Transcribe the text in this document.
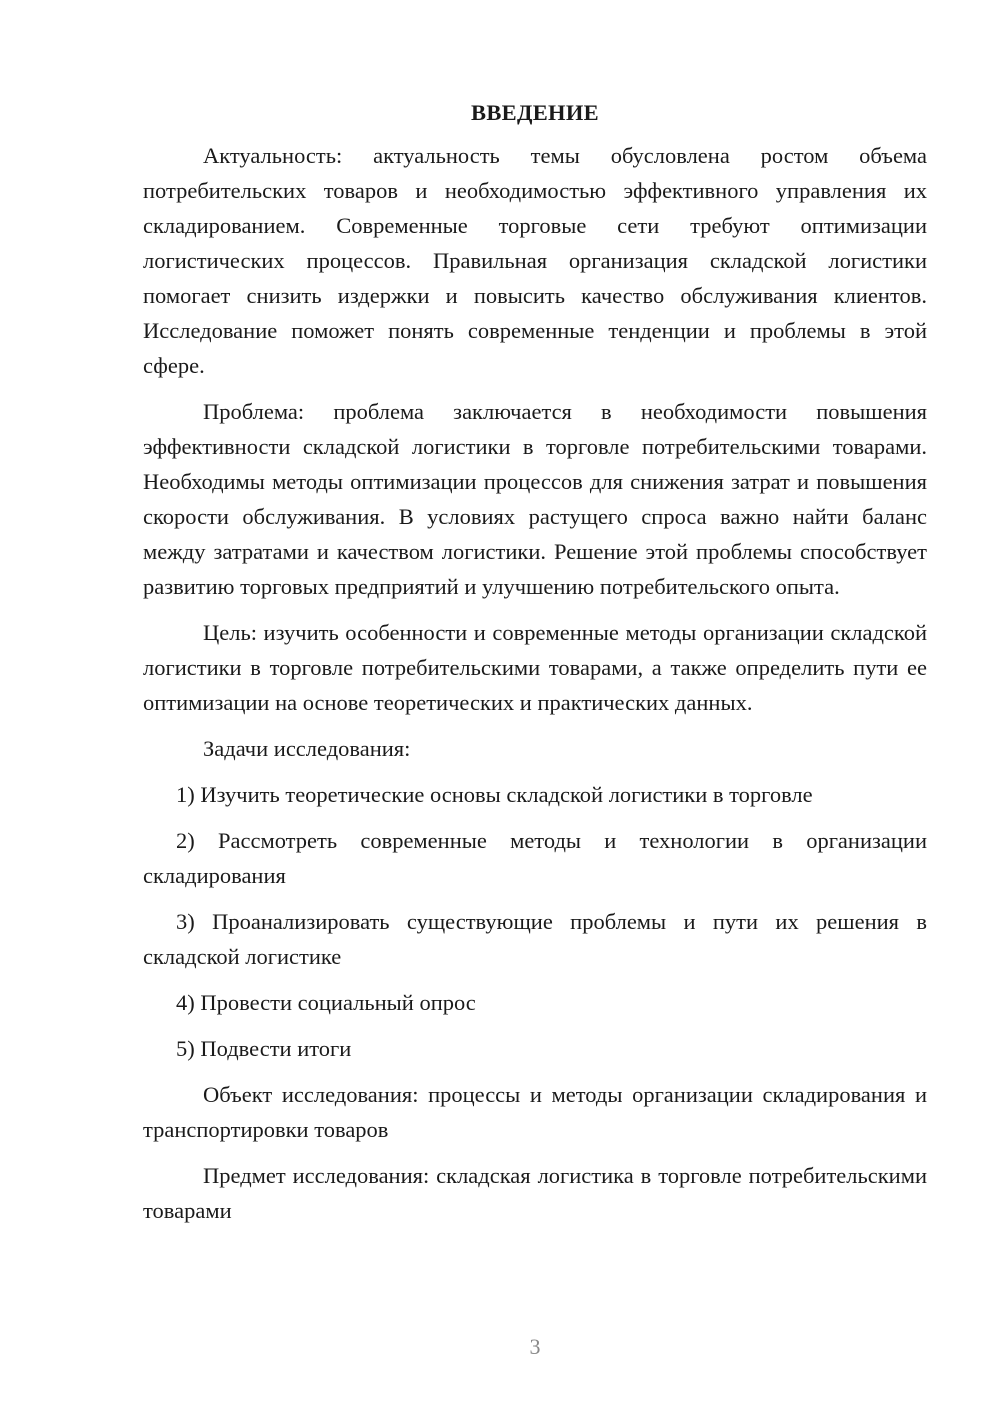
ВВЕДЕНИЕ

Актуальность: актуальность темы обусловлена ростом объема потребительских товаров и необходимостью эффективного управления их складированием. Современные торговые сети требуют оптимизации логистических процессов. Правильная организация складской логистики помогает снизить издержки и повысить качество обслуживания клиентов. Исследование поможет понять современные тенденции и проблемы в этой сфере.

Проблема: проблема заключается в необходимости повышения эффективности складской логистики в торговле потребительскими товарами. Необходимы методы оптимизации процессов для снижения затрат и повышения скорости обслуживания. В условиях растущего спроса важно найти баланс между затратами и качеством логистики. Решение этой проблемы способствует развитию торговых предприятий и улучшению потребительского опыта.

Цель: изучить особенности и современные методы организации складской логистики в торговле потребительскими товарами, а также определить пути ее оптимизации на основе теоретических и практических данных.

Задачи исследования:

1) Изучить теоретические основы складской логистики в торговле

2) Рассмотреть современные методы и технологии в организации складирования

3) Проанализировать существующие проблемы и пути их решения в складской логистике

4) Провести социальный опрос

5) Подвести итоги

Объект исследования: процессы и методы организации складирования и транспортировки товаров

Предмет исследования: складская логистика в торговле потребительскими товарами

3
